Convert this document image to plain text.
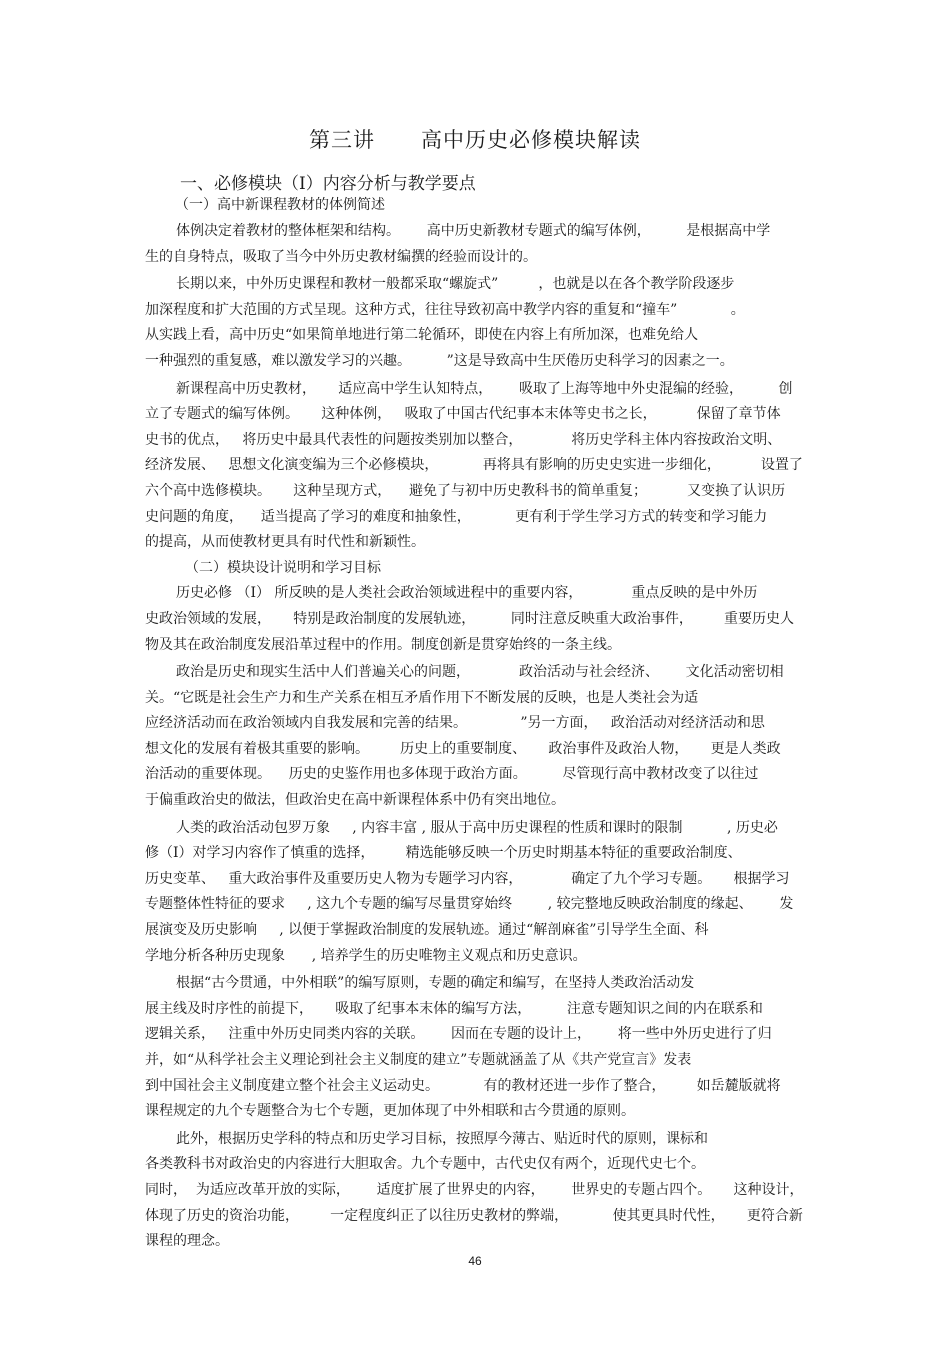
第三讲      高中历史必修模块解读
一、必修模块（Ⅰ）内容分析与教学要点
（一）高中新课程教材的体例简述
体例决定着教材的整体框架和结构。      高中历史新教材专题式的编写体例，        是根据高中学
生的自身特点，吸取了当今中外历史教材编撰的经验而设计的。
长期以来，中外历史课程和教材一般都采取“螺旋式”         ，也就是以在各个教学阶段逐步
加深程度和扩大范围的方式呈现。这种方式，往往导致初高中教学内容的重复和“撞车”            。
从实践上看，高中历史“如果简单地进行第二轮循环，即使在内容上有所加深，也难免给人
一种强烈的重复感，难以激发学习的兴趣。        ”这是导致高中生厌倦历史科学习的因素之一。
新课程高中历史教材，     适应高中学生认知特点，      吸取了上海等地中外史混编的经验，        创
立了专题式的编写体例。     这种体例，   吸取了中国古代纪事本末体等史书之长，         保留了章节体
史书的优点，   将历史中最具代表性的问题按类别加以整合，           将历史学科主体内容按政治文明、
经济发展、   思想文化演变编为三个必修模块，          再将具有影响的历史史实进一步细化，         设置了
六个高中选修模块。     这种呈现方式，    避免了与初中历史教科书的简单重复；         又变换了认识历
史问题的角度，    适当提高了学习的难度和抽象性，          更有利于学生学习方式的转变和学习能力
的提高，从而使教材更具有时代性和新颖性。
（二）模块设计说明和学习目标
历史必修 （Ⅰ） 所反映的是人类社会政治领域进程中的重要内容，           重点反映的是中外历
史政治领域的发展，     特别是政治制度的发展轨迹，        同时注意反映重大政治事件，       重要历史人
物及其在政治制度发展沿革过程中的作用。制度创新是贯穿始终的一条主线。
政治是历史和现实生活中人们普遍关心的问题，           政治活动与社会经济、      文化活动密切相
关。“它既是社会生产力和生产关系在相互矛盾作用下不断发展的反映，也是人类社会为适
应经济活动而在政治领域内自我发展和完善的结果。            ”另一方面，   政治活动对经济活动和思
想文化的发展有着极其重要的影响。       历史上的重要制度、     政治事件及政治人物，     更是人类政
治活动的重要体现。    历史的史鉴作用也多体现于政治方面。        尽管现行高中教材改变了以往过
于偏重政治史的做法，但政治史在高中新课程体系中仍有突出地位。
人类的政治活动包罗万象     , 内容丰富 , 服从于高中历史课程的性质和课时的限制          , 历史必
修（Ⅰ）对学习内容作了慎重的选择，       精选能够反映一个历史时期基本特征的重要政治制度、
历史变革、   重大政治事件及重要历史人物为专题学习内容，           确定了九个学习专题。     根据学习
专题整体性特征的要求     , 这九个专题的编写尽量贯穿始终        , 较完整地反映政治制度的缘起、      发
展演变及历史影响     , 以便于掌握政治制度的发展轨迹。通过“解剖麻雀”引导学生全面、科
学地分析各种历史现象      , 培养学生的历史唯物主义观点和历史意识。
根据“古今贯通，中外相联”的编写原则，专题的确定和编写，在坚持人类政治活动发
展主线及时序性的前提下，     吸取了纪事本末体的编写方法，        注意专题知识之间的内在联系和
逻辑关系，   注重中外历史同类内容的关联。      因而在专题的设计上，      将一些中外历史进行了归
并，如“从科学社会主义理论到社会主义制度的建立”专题就涵盖了从《共产党宣言》发表
到中国社会主义制度建立整个社会主义运动史。          有的教材还进一步作了整合，       如岳麓版就将
课程规定的九个专题整合为七个专题，更加体现了中外相联和古今贯通的原则。
此外，根据历史学科的特点和历史学习目标，按照厚今薄古、贴近时代的原则，课标和
各类教科书对政治史的内容进行大胆取舍。九个专题中，古代史仅有两个，近现代史七个。
同时，  为适应改革开放的实际，      适度扩展了世界史的内容，      世界史的专题占四个。     这种设计，
体现了历史的资治功能，       一定程度纠正了以往历史教材的弊端，          使其更具时代性，     更符合新
课程的理念。
46
